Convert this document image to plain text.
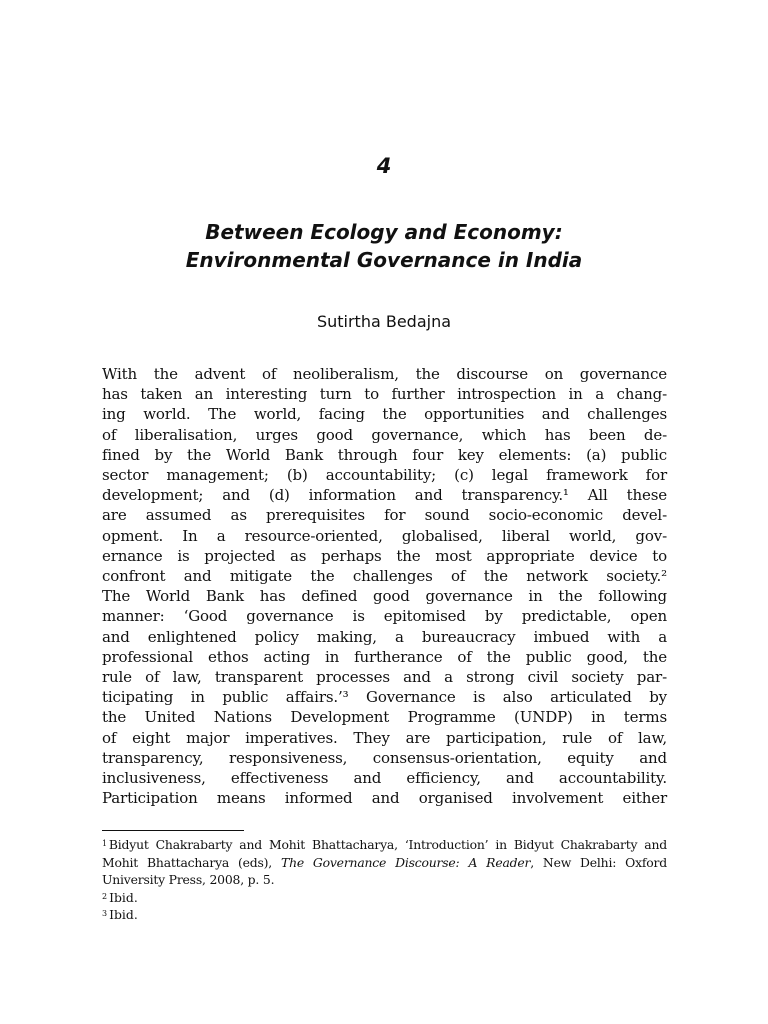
4
Between Ecology and Economy:
Environmental Governance in India
Sutirtha Bedajna
With the advent of neoliberalism, the discourse on governance
has taken an interesting turn to further introspection in a chang-
ing world. The world, facing the opportunities and challenges
of liberalisation, urges good governance, which has been de-
fined by the World Bank through four key elements: (a) public
sector management; (b) accountability; (c) legal framework for
development; and (d) information and transparency.¹ All these
are assumed as prerequisites for sound socio-economic devel-
opment. In a resource-oriented, globalised, liberal world, gov-
ernance is projected as perhaps the most appropriate device to
confront and mitigate the challenges of the network society.²
The World Bank has defined good governance in the following
manner: ‘Good governance is epitomised by predictable, open
and enlightened policy making, a bureaucracy imbued with a
professional ethos acting in furtherance of the public good, the
rule of law, transparent processes and a strong civil society par-
ticipating in public affairs.’³ Governance is also articulated by
the United Nations Development Programme (UNDP) in terms
of eight major imperatives. They are participation, rule of law,
transparency, responsiveness, consensus-orientation, equity and
inclusiveness, effectiveness and efficiency, and accountability.
Participation means informed and organised involvement either

$^1$ Bidyut Chakrabarty and Mohit Bhattacharya, ‘Introduction’ in Bidyut Chakrabarty and Mohit Bhattacharya (eds), The Governance Discourse: A Reader, New Delhi: Oxford University Press, 2008, p. 5.

$^2$ Ibid.

$^3$ Ibid.
